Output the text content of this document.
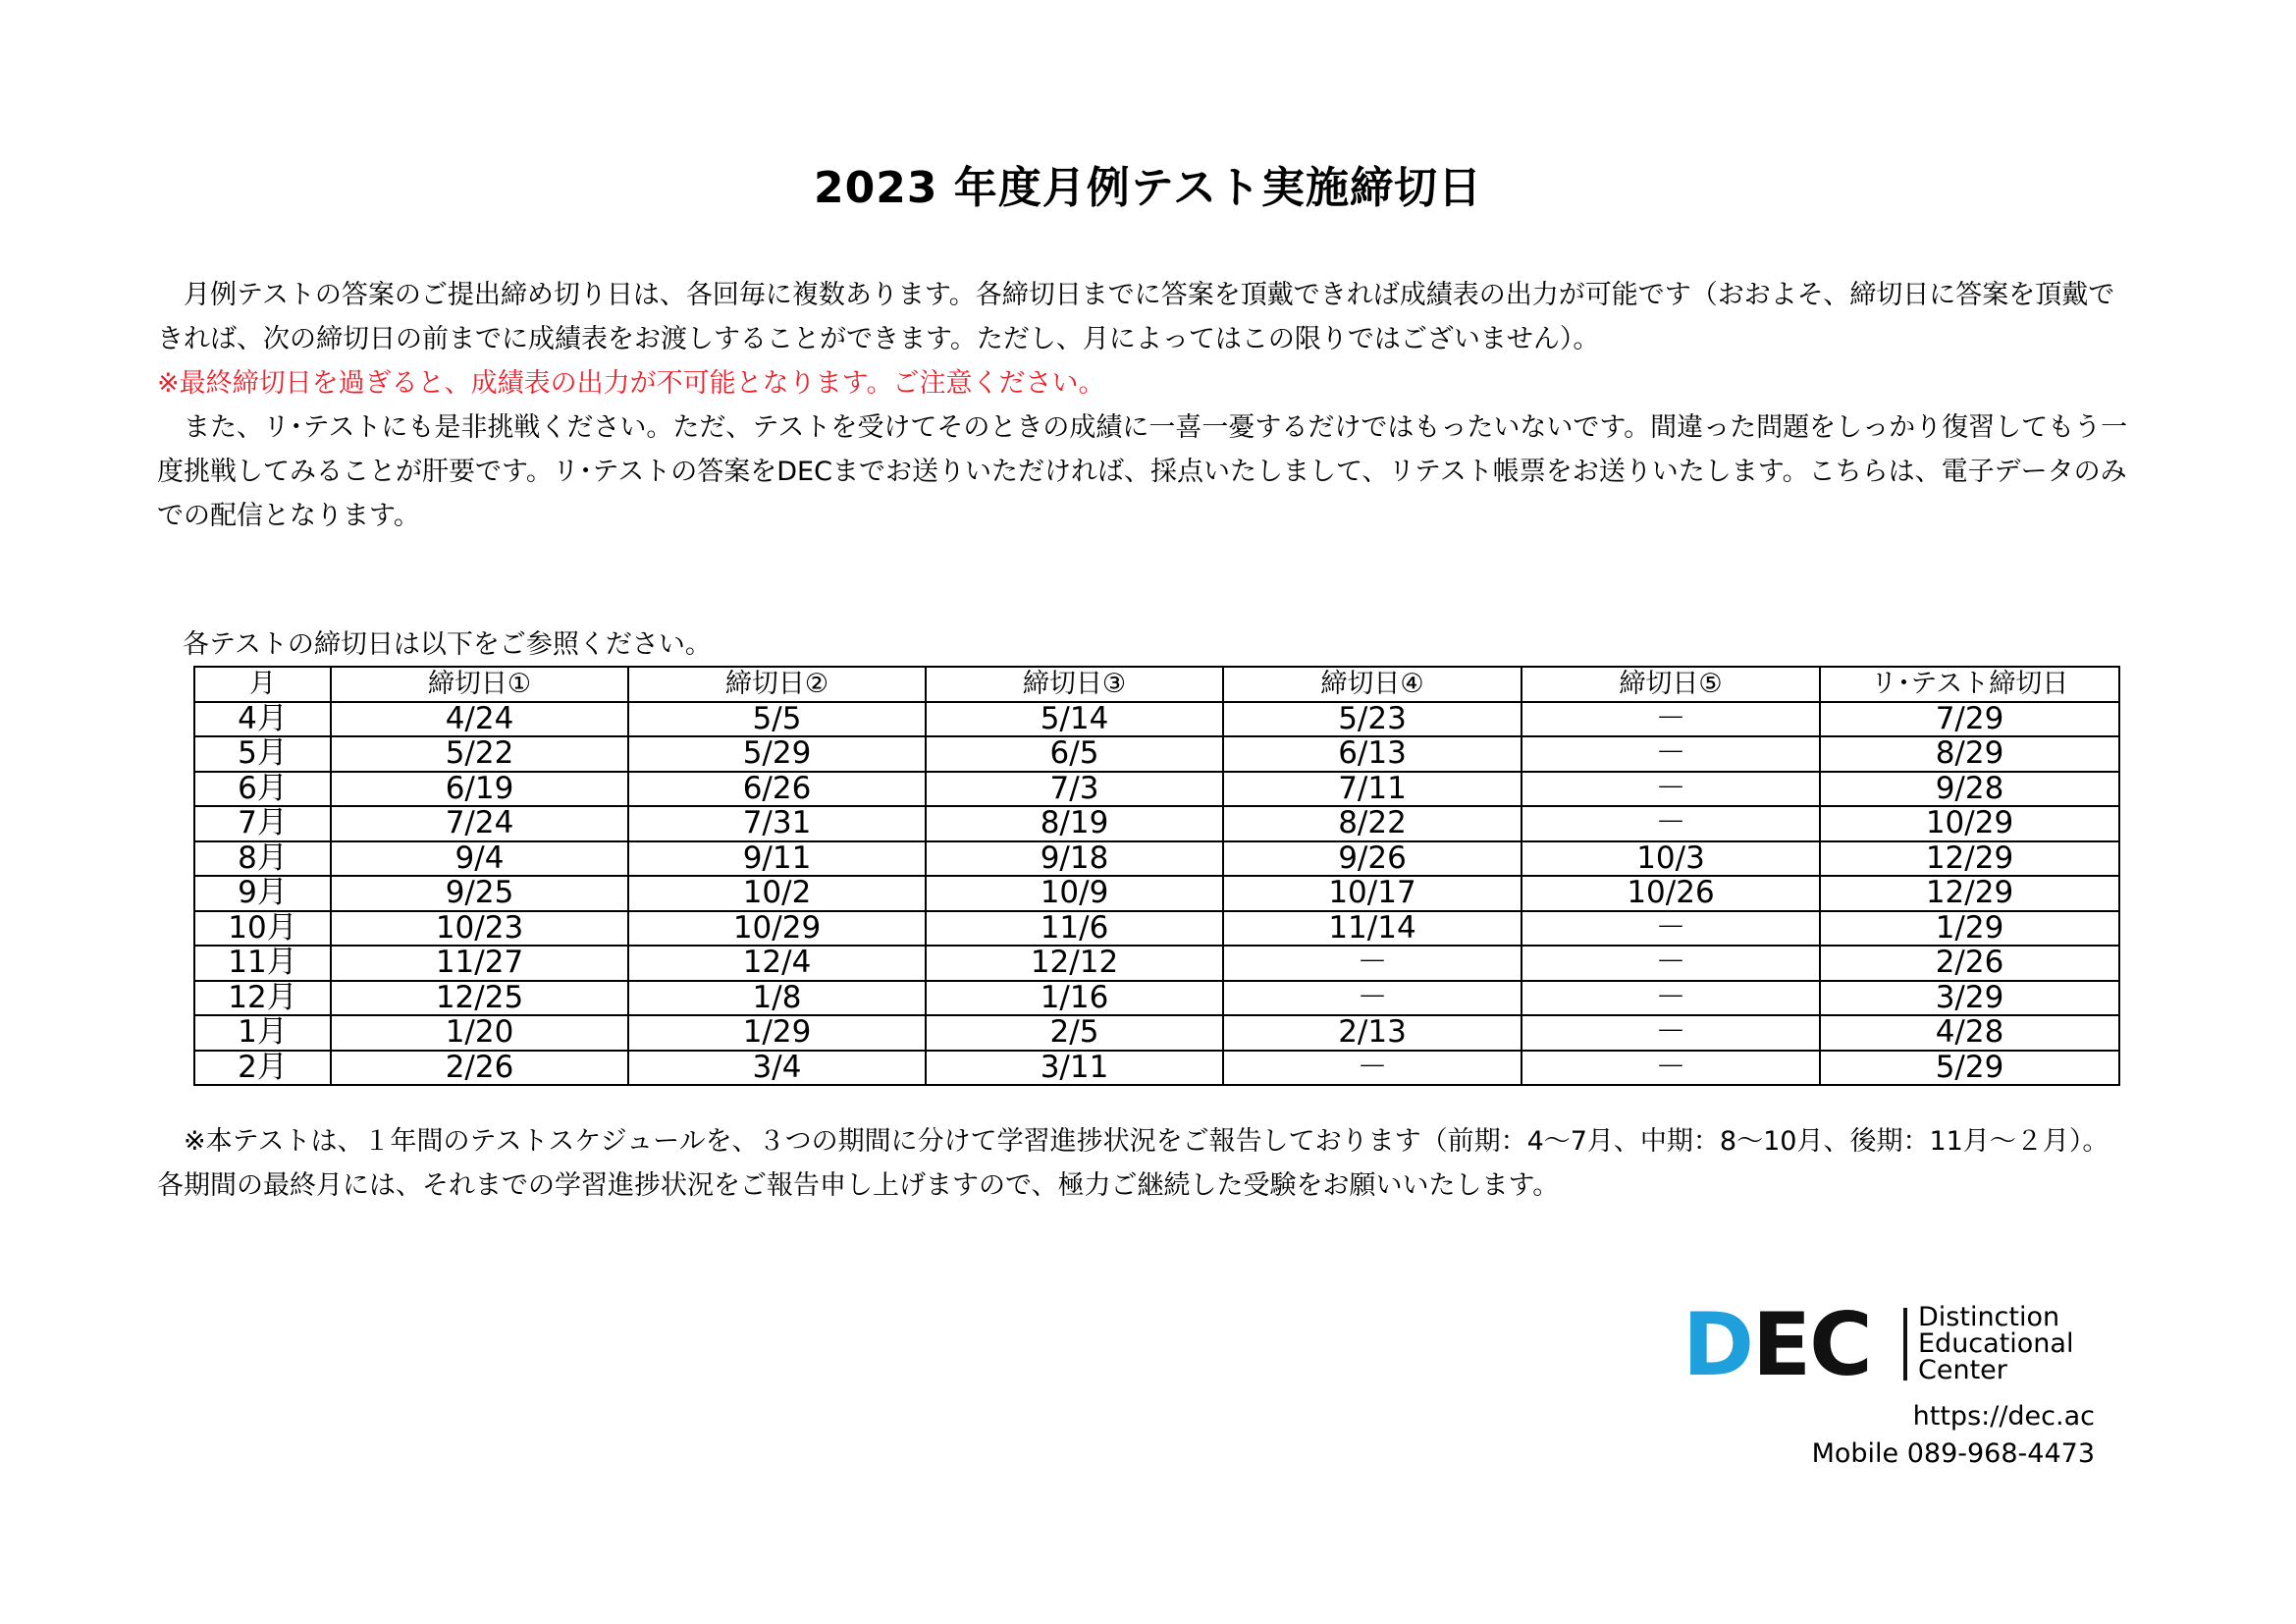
2023 年度月例テスト実施締切日

月例テストの答案のご提出締め切り日は、各回毎に複数あります。各締切日までに答案を頂戴できれば成績表の出力が可能です（おおよそ、締切日に答案を頂戴できれば、次の締切日の前までに成績表をお渡しすることができます。ただし、月によってはこの限りではございません）。

※最終締切日を過ぎると、成績表の出力が不可能となります。ご注意ください。

また、リ･テストにも是非挑戦ください。ただ、テストを受けてそのときの成績に一喜一憂するだけではもったいないです。間違った問題をしっかり復習してもう一度挑戦してみることが肝要です。リ･テストの答案をDECまでお送りいただければ、採点いたしまして、リテスト帳票をお送りいたします。こちらは、電子データのみでの配信となります。

各テストの締切日は以下をご参照ください。
月	締切日①	締切日②	締切日③	締切日④	締切日⑤	リ･テスト締切日
4月	4/24	5/5	5/14	5/23	－	7/29
5月	5/22	5/29	6/5	6/13	－	8/29
6月	6/19	6/26	7/3	7/11	－	9/28
7月	7/24	7/31	8/19	8/22	－	10/29
8月	9/4	9/11	9/18	9/26	10/3	12/29
9月	9/25	10/2	10/9	10/17	10/26	12/29
10月	10/23	10/29	11/6	11/14	－	1/29
11月	11/27	12/4	12/12	－	－	2/26
12月	12/25	1/8	1/16	－	－	3/29
1月	1/20	1/29	2/5	2/13	－	4/28
2月	2/26	3/4	3/11	－	－	5/29

※本テストは、１年間のテストスケジュールを、３つの期間に分けて学習進捗状況をご報告しております（前期：4～7月、中期：8～10月、後期：11月～２月）。各期間の最終月には、それまでの学習進捗状況をご報告申し上げますので、極力ご継続した受験をお願いいたします。

DEC Distinction
Educational
Center
https://dec.ac
Mobile 089-968-4473
